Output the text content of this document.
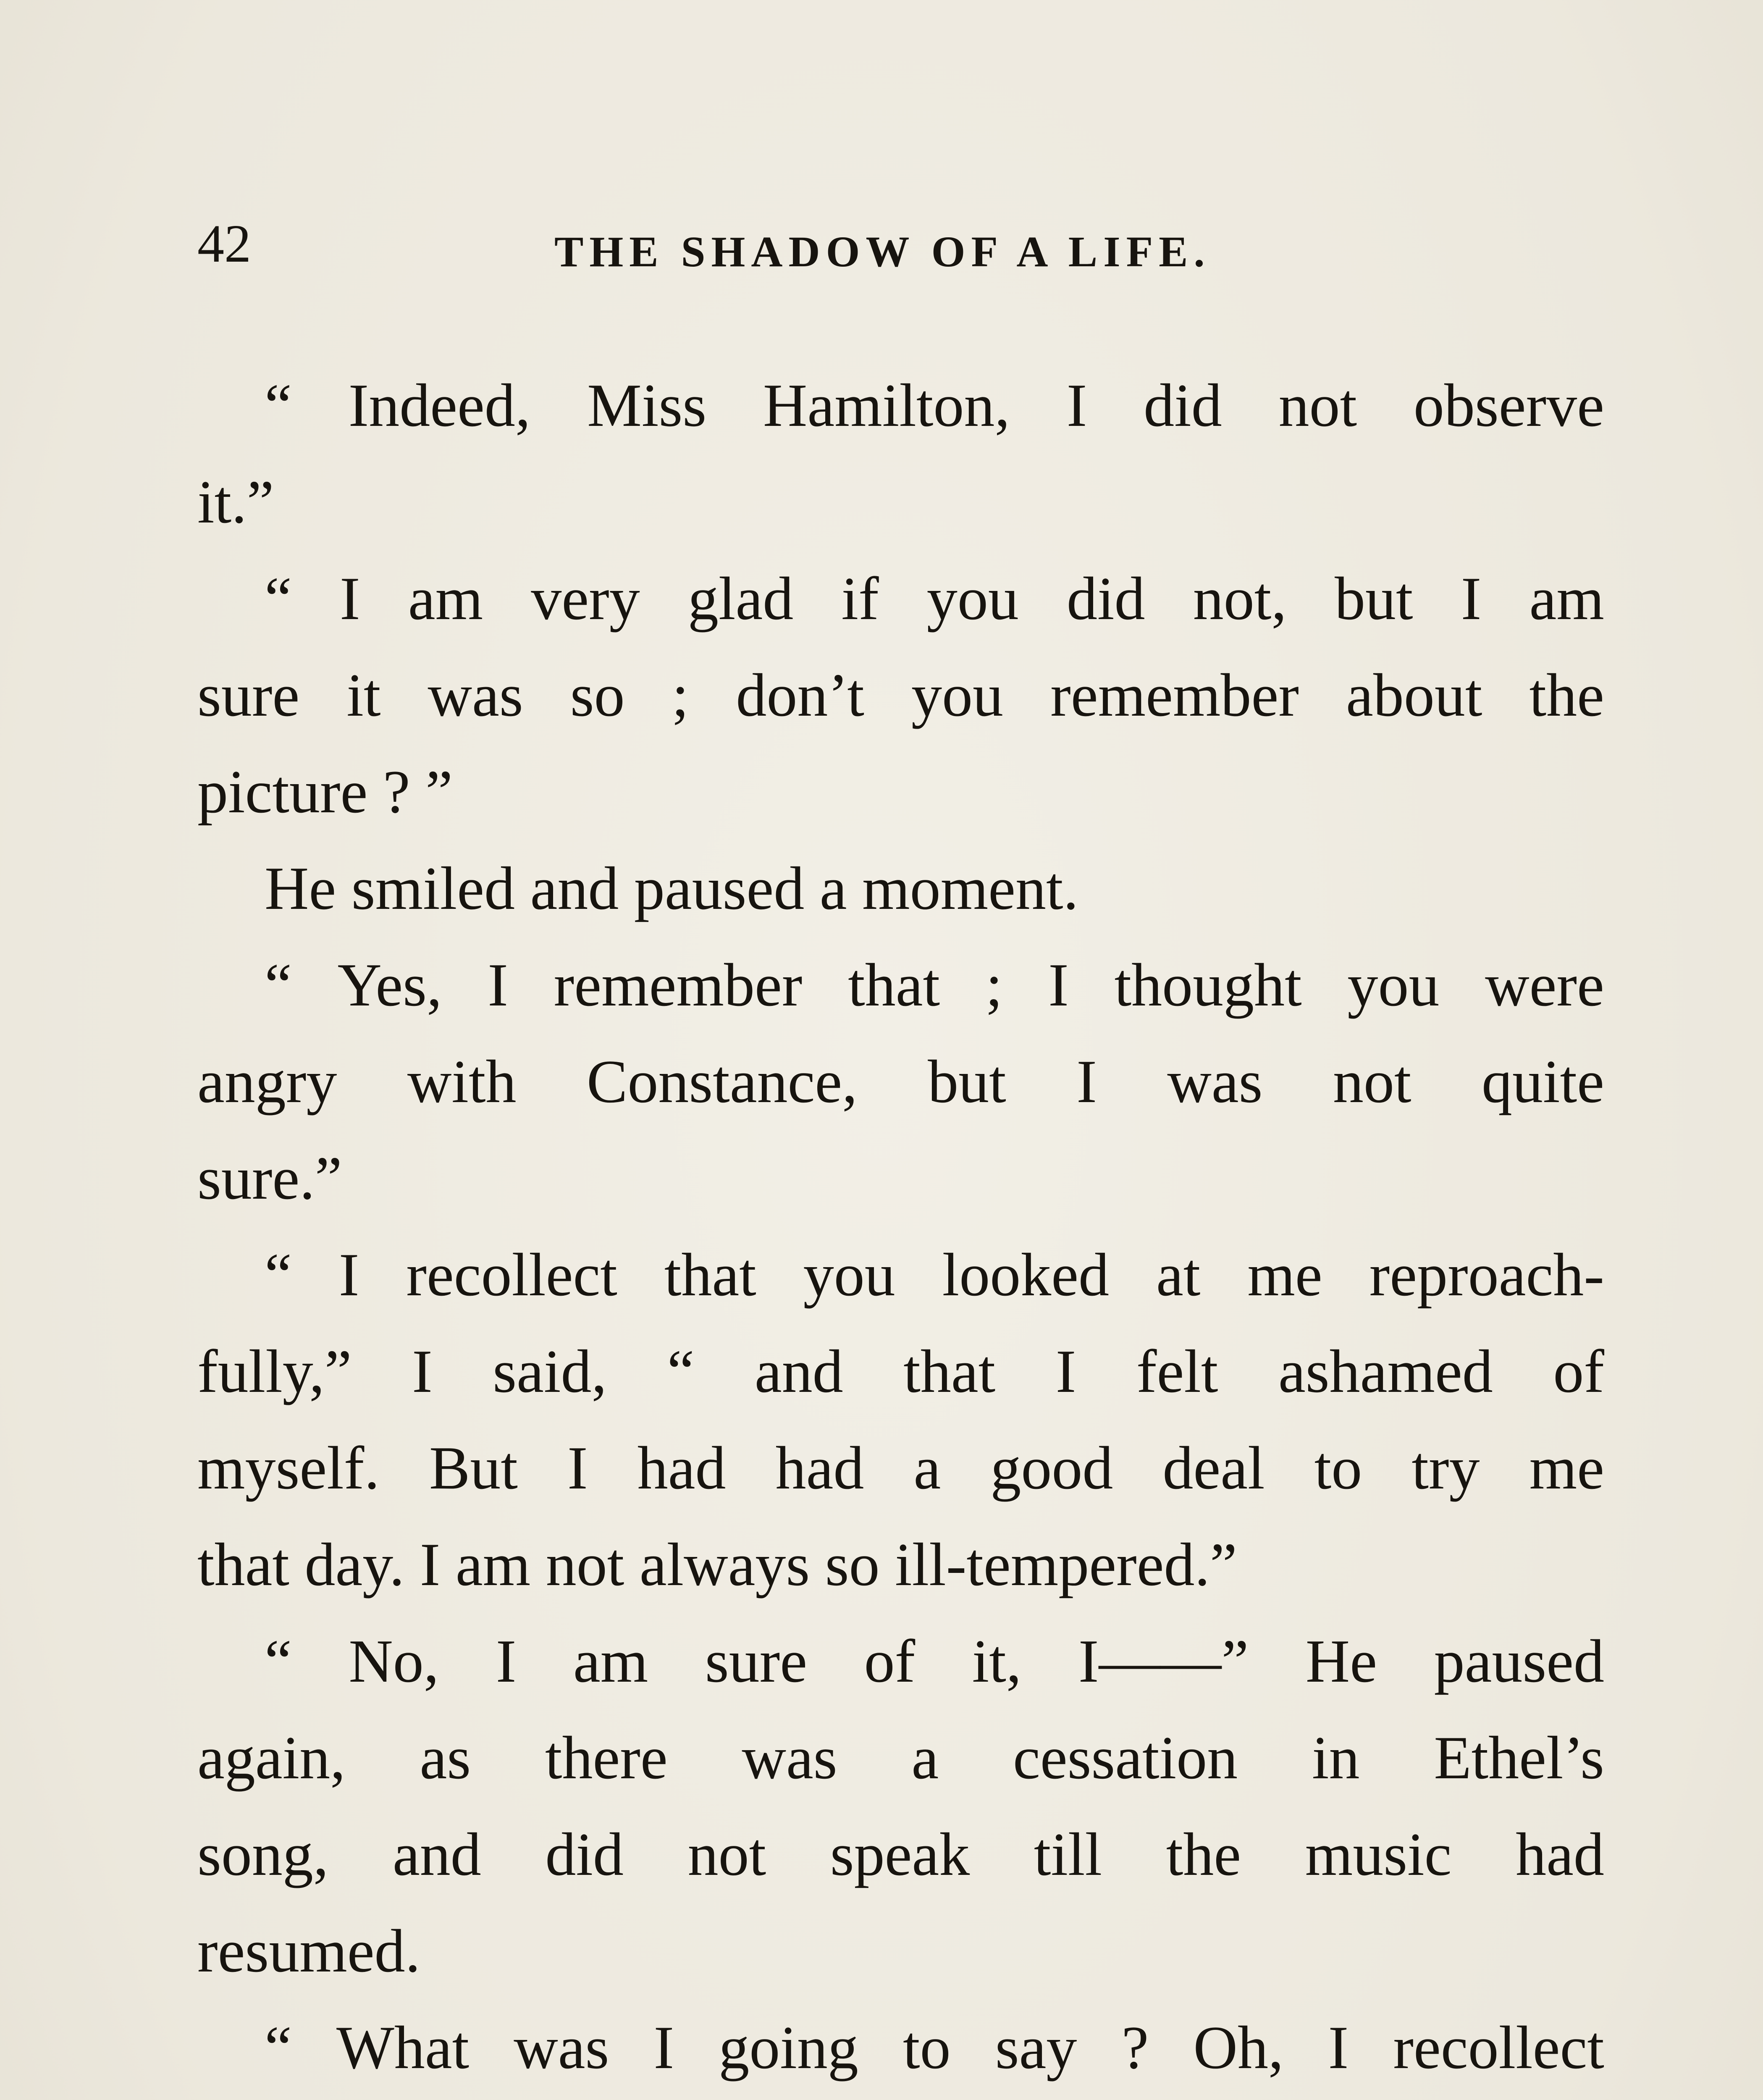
42	THE SHADOW OF A LIFE.
“ Indeed, Miss Hamilton, I did not observe
it.”
“ I am very glad if you did not, but I am
sure it was so ; don’t you remember about the
picture ? ”
He smiled and paused a moment.
“ Yes, I remember that ; I thought you were
angry with Constance, but I was not quite
sure.”
“ I recollect that you looked at me reproach-
fully,” I said, “ and that I felt ashamed of
myself. But I had had a good deal to try me
that day. I am not always so ill-tempered.”
“ No, I am sure of it, I——” He paused
again, as there was a cessation in Ethel’s
song, and did not speak till the music had
resumed.
“ What was I going to say ? Oh, I recollect
